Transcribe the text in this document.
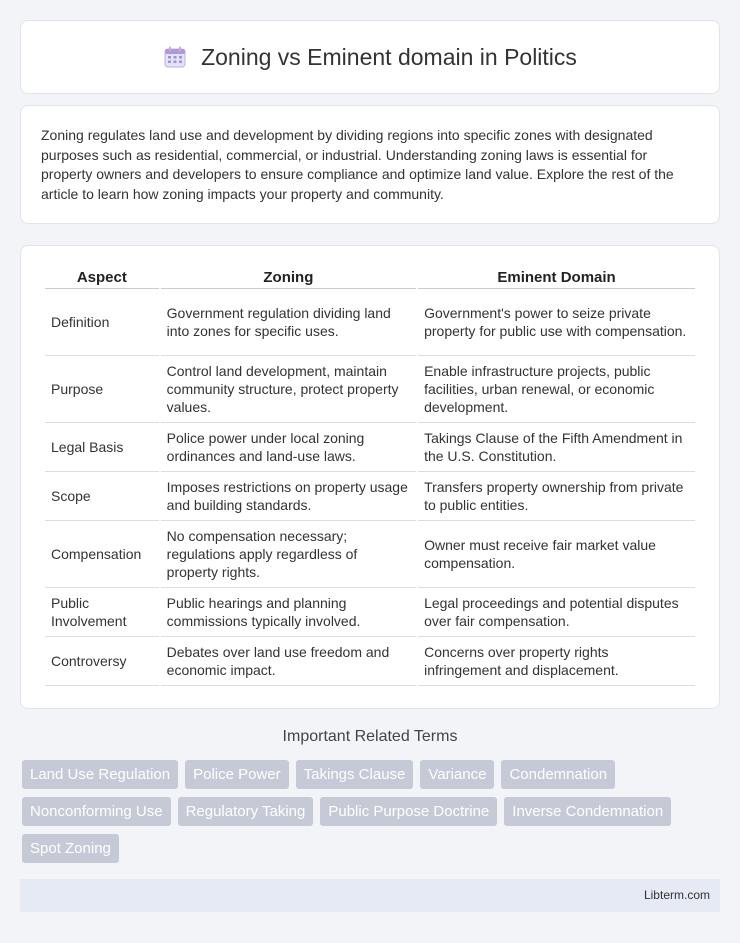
Zoning vs Eminent domain in Politics

Zoning regulates land use and development by dividing regions into specific zones with designated purposes such as residential, commercial, or industrial. Understanding zoning laws is essential for property owners and developers to ensure compliance and optimize land value. Explore the rest of the article to learn how zoning impacts your property and community.

Aspect	Zoning	Eminent Domain
Definition	Government regulation dividing land into zones for specific uses.	Government's power to seize private property for public use with compensation.
Purpose	Control land development, maintain community structure, protect property values.	Enable infrastructure projects, public facilities, urban renewal, or economic development.
Legal Basis	Police power under local zoning ordinances and land-use laws.	Takings Clause of the Fifth Amendment in the U.S. Constitution.
Scope	Imposes restrictions on property usage and building standards.	Transfers property ownership from private to public entities.
Compensation	No compensation necessary; regulations apply regardless of property rights.	Owner must receive fair market value compensation.
Public Involvement	Public hearings and planning commissions typically involved.	Legal proceedings and potential disputes over fair compensation.
Controversy	Debates over land use freedom and economic impact.	Concerns over property rights infringement and displacement.
Important Related Terms
Land Use Regulation	Police Power	Takings Clause	Variance	Condemnation
Nonconforming Use	Regulatory Taking	Public Purpose Doctrine	Inverse Condemnation
Spot Zoning
Libterm.com
